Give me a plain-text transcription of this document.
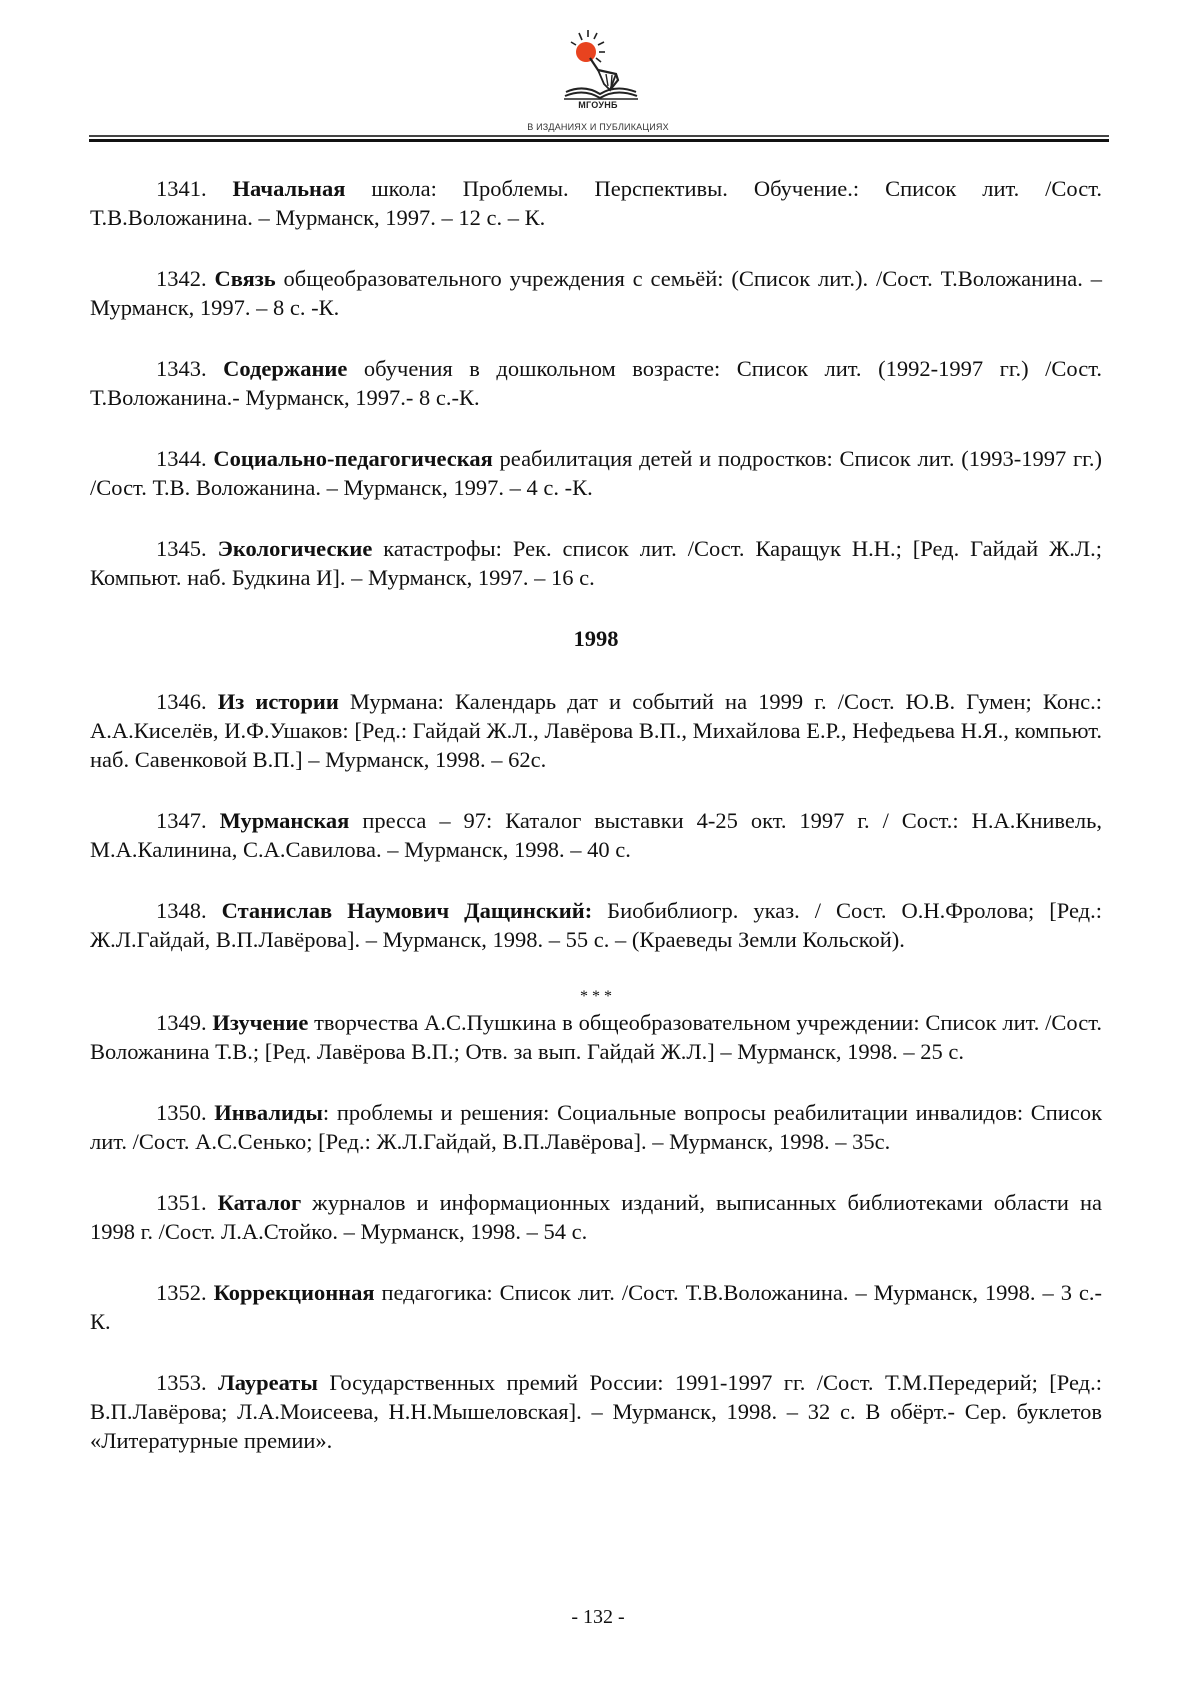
МГОУНБ
В ИЗДАНИЯХ И ПУБЛИКАЦИЯХ

1341. Начальная школа: Проблемы. Перспективы. Обучение.: Список лит. /Сост. Т.В.Воложанина. – Мурманск, 1997. – 12 с. – К.

1342. Связь общеобразовательного учреждения с семьёй: (Список лит.). /Сост. Т.Воложанина. – Мурманск, 1997. – 8 с. -К.

1343. Содержание обучения в дошкольном возрасте: Список лит. (1992-1997 гг.) /Сост. Т.Воложанина.- Мурманск, 1997.- 8 с.-К.

1344. Социально-педагогическая реабилитация детей и подростков: Список лит. (1993-1997 гг.) /Сост. Т.В. Воложанина. – Мурманск, 1997. – 4 с. -К.

1345. Экологические катастрофы: Рек. список лит. /Сост. Каращук Н.Н.; [Ред. Гайдай Ж.Л.; Компьют. наб. Будкина И]. – Мурманск, 1997. – 16 с.

1998

1346. Из истории Мурмана: Календарь дат и событий на 1999 г. /Сост. Ю.В. Гумен; Конс.: А.А.Киселёв, И.Ф.Ушаков: [Ред.: Гайдай Ж.Л., Лавёрова В.П., Михайлова Е.Р., Нефедьева Н.Я., компьют. наб. Савенковой В.П.] – Мурманск, 1998. – 62с.

1347. Мурманская пресса – 97: Каталог выставки 4-25 окт. 1997 г. / Сост.: Н.А.Книвель, М.А.Калинина, С.А.Савилова. – Мурманск, 1998. – 40 с.

1348. Станислав Наумович Дащинский: Биобиблиогр. указ. / Сост. О.Н.Фролова; [Ред.: Ж.Л.Гайдай, В.П.Лавёрова]. – Мурманск, 1998. – 55 с. – (Краеведы Земли Кольской).

* * *

1349. Изучение творчества А.С.Пушкина в общеобразовательном учреждении: Список лит. /Сост. Воложанина Т.В.; [Ред. Лавёрова В.П.; Отв. за вып. Гайдай Ж.Л.] – Мурманск, 1998. – 25 с.

1350. Инвалиды: проблемы и решения: Социальные вопросы реабилитации инвалидов: Список лит. /Сост. А.С.Сенько; [Ред.: Ж.Л.Гайдай, В.П.Лавёрова]. – Мурманск, 1998. – 35с.

1351. Каталог журналов и информационных изданий, выписанных библиотеками области на 1998 г. /Сост. Л.А.Стойко. – Мурманск, 1998. – 54 с.

1352. Коррекционная педагогика: Список лит. /Сост. Т.В.Воложанина. – Мурманск, 1998. – 3 с.- К.

1353. Лауреаты Государственных премий России: 1991-1997 гг. /Сост. Т.М.Передерий; [Ред.: В.П.Лавёрова; Л.А.Моисеева, Н.Н.Мышеловская]. – Мурманск, 1998. – 32 с. В обёрт.- Сер. буклетов «Литературные премии».

- 132 -
